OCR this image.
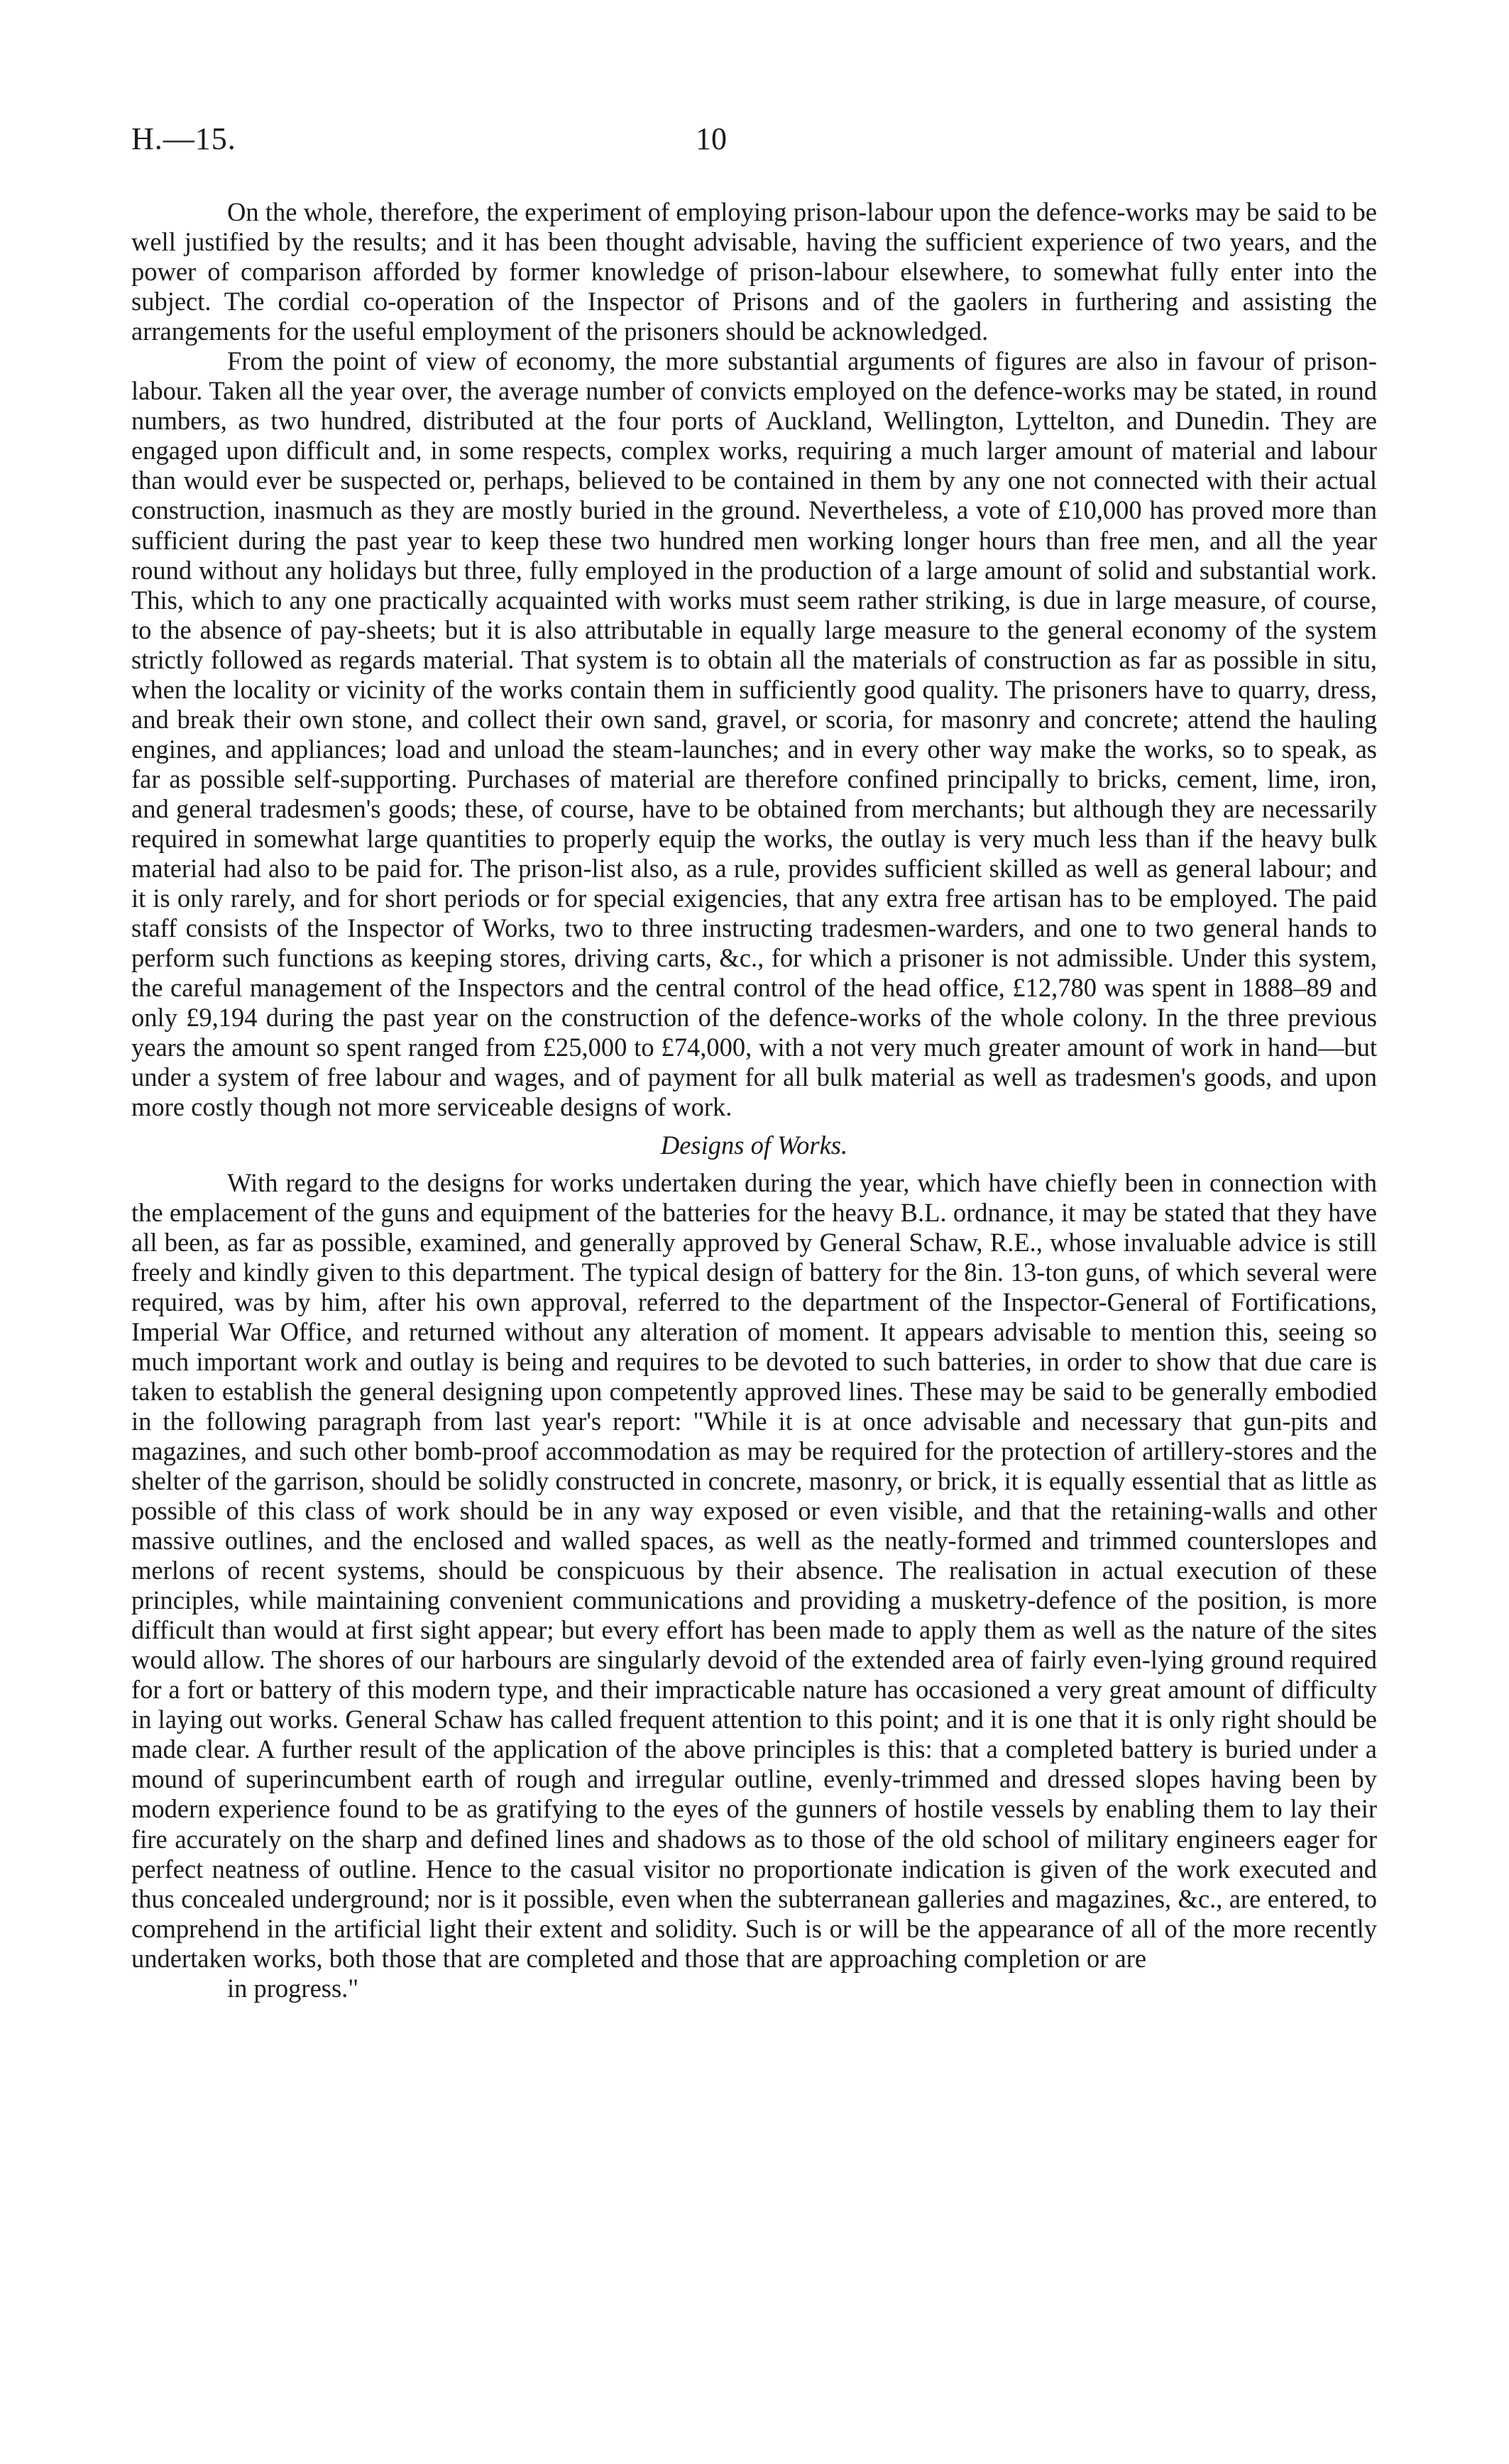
H.—15.	10

On the whole, therefore, the experiment of employing prison-labour upon the defence-works may be said to be well justified by the results; and it has been thought advisable, having the sufficient experience of two years, and the power of comparison afforded by former knowledge of prison-labour elsewhere, to somewhat fully enter into the subject. The cordial co-operation of the Inspector of Prisons and of the gaolers in furthering and assisting the arrangements for the useful employment of the prisoners should be acknowledged.

From the point of view of economy, the more substantial arguments of figures are also in favour of prison-labour. Taken all the year over, the average number of convicts employed on the defence-works may be stated, in round numbers, as two hundred, distributed at the four ports of Auckland, Wellington, Lyttelton, and Dunedin. They are engaged upon difficult and, in some respects, complex works, requiring a much larger amount of material and labour than would ever be suspected or, perhaps, believed to be contained in them by any one not connected with their actual construction, inasmuch as they are mostly buried in the ground. Nevertheless, a vote of £10,000 has proved more than sufficient during the past year to keep these two hundred men working longer hours than free men, and all the year round without any holidays but three, fully employed in the production of a large amount of solid and substantial work. This, which to any one practically acquainted with works must seem rather striking, is due in large measure, of course, to the absence of pay-sheets; but it is also attributable in equally large measure to the general economy of the system strictly followed as regards material. That system is to obtain all the materials of construction as far as possible in situ, when the locality or vicinity of the works contain them in sufficiently good quality. The prisoners have to quarry, dress, and break their own stone, and collect their own sand, gravel, or scoria, for masonry and concrete; attend the hauling engines, and appliances; load and unload the steam-launches; and in every other way make the works, so to speak, as far as possible self-supporting. Purchases of material are therefore confined principally to bricks, cement, lime, iron, and general tradesmen's goods; these, of course, have to be obtained from merchants; but although they are necessarily required in somewhat large quantities to properly equip the works, the outlay is very much less than if the heavy bulk material had also to be paid for. The prison-list also, as a rule, provides sufficient skilled as well as general labour; and it is only rarely, and for short periods or for special exigencies, that any extra free artisan has to be employed. The paid staff consists of the Inspector of Works, two to three instructing tradesmen-warders, and one to two general hands to perform such functions as keeping stores, driving carts, &c., for which a prisoner is not admissible. Under this system, the careful management of the Inspectors and the central control of the head office, £12,780 was spent in 1888–89 and only £9,194 during the past year on the construction of the defence-works of the whole colony. In the three previous years the amount so spent ranged from £25,000 to £74,000, with a not very much greater amount of work in hand—but under a system of free labour and wages, and of payment for all bulk material as well as tradesmen's goods, and upon more costly though not more serviceable designs of work.

Designs of Works.

With regard to the designs for works undertaken during the year, which have chiefly been in connection with the emplacement of the guns and equipment of the batteries for the heavy B.L. ordnance, it may be stated that they have all been, as far as possible, examined, and generally approved by General Schaw, R.E., whose invaluable advice is still freely and kindly given to this department. The typical design of battery for the 8in. 13-ton guns, of which several were required, was by him, after his own approval, referred to the department of the Inspector-General of Fortifications, Imperial War Office, and returned without any alteration of moment. It appears advisable to mention this, seeing so much important work and outlay is being and requires to be devoted to such batteries, in order to show that due care is taken to establish the general designing upon competently approved lines. These may be said to be generally embodied in the following paragraph from last year's report: "While it is at once advisable and necessary that gun-pits and magazines, and such other bomb-proof accommodation as may be required for the protection of artillery-stores and the shelter of the garrison, should be solidly constructed in concrete, masonry, or brick, it is equally essential that as little as possible of this class of work should be in any way exposed or even visible, and that the retaining-walls and other massive outlines, and the enclosed and walled spaces, as well as the neatly-formed and trimmed counterslopes and merlons of recent systems, should be conspicuous by their absence. The realisation in actual execution of these principles, while maintaining convenient communications and providing a musketry-defence of the position, is more difficult than would at first sight appear; but every effort has been made to apply them as well as the nature of the sites would allow. The shores of our harbours are singularly devoid of the extended area of fairly even-lying ground required for a fort or battery of this modern type, and their impracticable nature has occasioned a very great amount of difficulty in laying out works. General Schaw has called frequent attention to this point; and it is one that it is only right should be made clear. A further result of the application of the above principles is this: that a completed battery is buried under a mound of superincumbent earth of rough and irregular outline, evenly-trimmed and dressed slopes having been by modern experience found to be as gratifying to the eyes of the gunners of hostile vessels by enabling them to lay their fire accurately on the sharp and defined lines and shadows as to those of the old school of military engineers eager for perfect neatness of outline. Hence to the casual visitor no proportionate indication is given of the work executed and thus concealed underground; nor is it possible, even when the subterranean galleries and magazines, &c., are entered, to comprehend in the artificial light their extent and solidity. Such is or will be the appearance of all of the more recently undertaken works, both those that are completed and those that are approaching completion or are

in progress."
